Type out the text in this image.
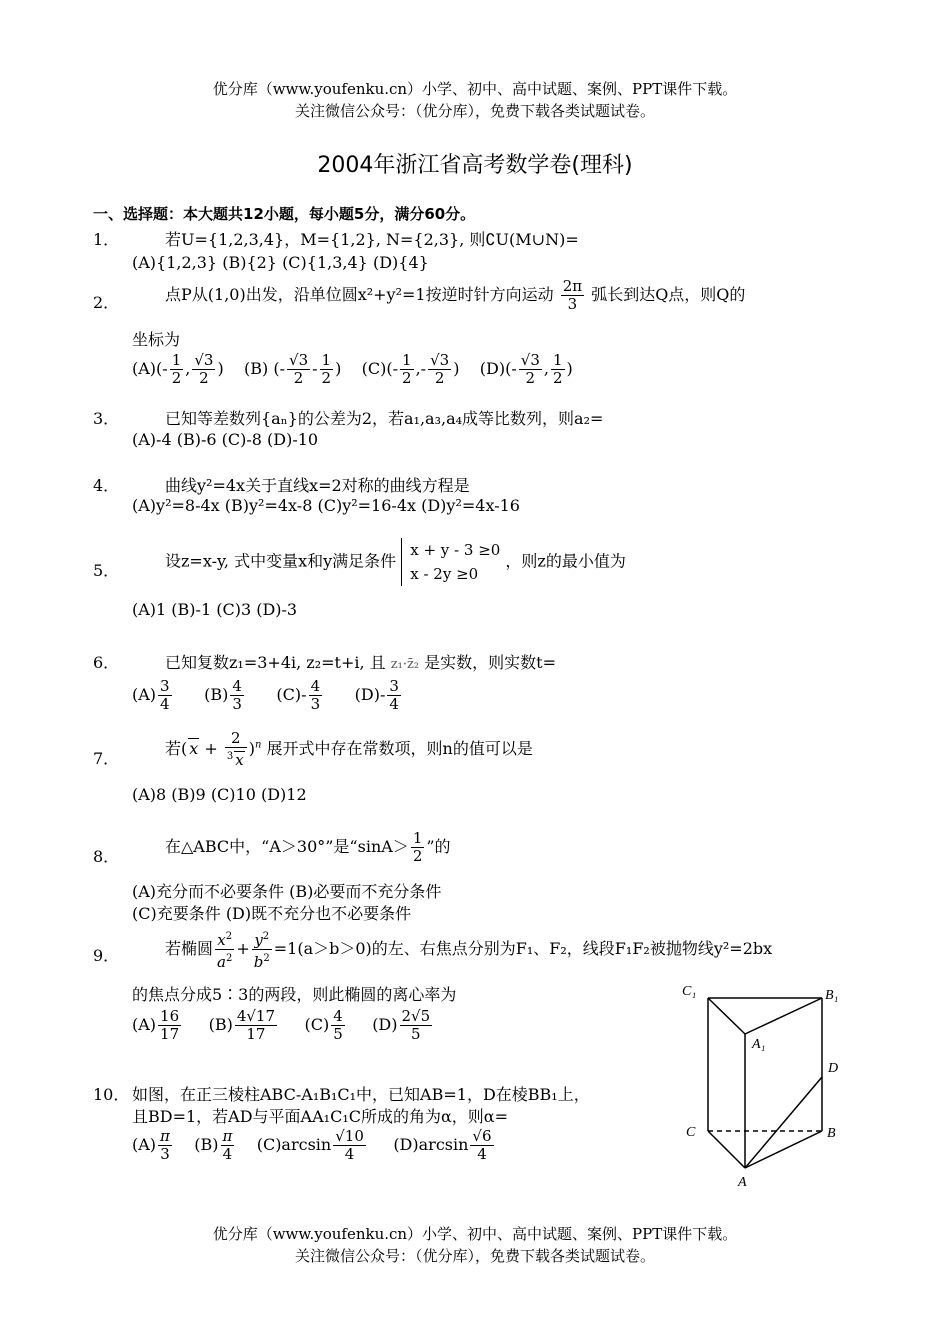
优分库（www.youfenku.cn）小学、初中、高中试题、案例、PPT课件下载。
关注微信公众号：（优分库），免费下载各类试题试卷。
2004年浙江省高考数学卷(理科)
一、选择题：本大题共12小题，每小题5分，满分60分。
1．	若U={1,2,3,4}，M={1,2}, N={2,3}, 则∁U(M∪N)=
(A){1,2,3} (B){2} (C){1,3,4} (D){4}
2．	点P从(1,0)出发，沿单位圆x²+y²=1按逆时针方向运动 $\frac{2\pi}{3}$ 弧长到达Q点，则Q的
坐标为
$(A)(- \frac{1}{2}$ , $\frac{√3}{2}$ )    (B) (- $\frac{√3}{2} - \frac{1}{2}$ )    $(C)(- \frac{1}{2}$ ,- $\frac{√3}{2}$ )    $(D)(- \frac{√3}{2}$ , $\frac{1}{2}$ )
3．	已知等差数列{aₙ}的公差为2，若a₁,a₃,a₄成等比数列，则a₂=
(A)-4 (B)-6 (C)-8 (D)-10
4．	曲线y²=4x关于直线x=2对称的曲线方程是
(A)y²=8-4x (B)y²=4x-8 (C)y²=16-4x (D)y²=4x-16
5．	设z=x-y, 式中变量x和y满足条件
x + y - 3 ≥0
x - 2y ≥0
，则z的最小值为
(A)1 (B)-1 (C)3 (D)-3
6．	已知复数z₁=3+4i, z₂=t+i, 且 z₁·z̄₂ 是实数，则实数t=
$(A) \frac{3}{4} (B) \frac{4}{3} (C)- \frac{4}{3} (D)- \frac{3}{4}$
7．
若( $x + \frac{2}{^3 x} )^n$ 展开式中存在常数项，则n的值可以是
(A)8 (B)9 (C)10 (D)12
8．
在△ABC中，“A＞30°”是“$\sin A> \frac{1}{2}$ ”的
(A)充分而不必要条件 (B)必要而不充分条件
(C)充要条件 (D)既不充分也不必要条件
9．	若椭圆 $\frac{x^2}{a^2} + \frac{y^2}{b^2} =1(a>b>0)$的左、右焦点分别为F₁、F₂，线段F₁F₂被抛物线y²=2bx
的焦点分成5∶3的两段，则此椭圆的离心率为
$(A) \frac{16}{17} (B) \frac{4√17}{17} (C) \frac{4}{5} (D) \frac{2√5}{5}$
10． 如图，在正三棱柱ABC-A₁B₁C₁中，已知AB=1，D在棱BB₁上，
且BD=1，若AD与平面AA₁C₁C所成的角为α，则α=
$(A) \frac{\pi}{3} (B) \frac{\pi}{4} (C)\arcsin \frac{√10}{4} (D)\arcsin \frac{√6}{4}$
C₁	B₁
A₁
D
C	B
A
优分库（www.youfenku.cn）小学、初中、高中试题、案例、PPT课件下载。
关注微信公众号：（优分库），免费下载各类试题试卷。
